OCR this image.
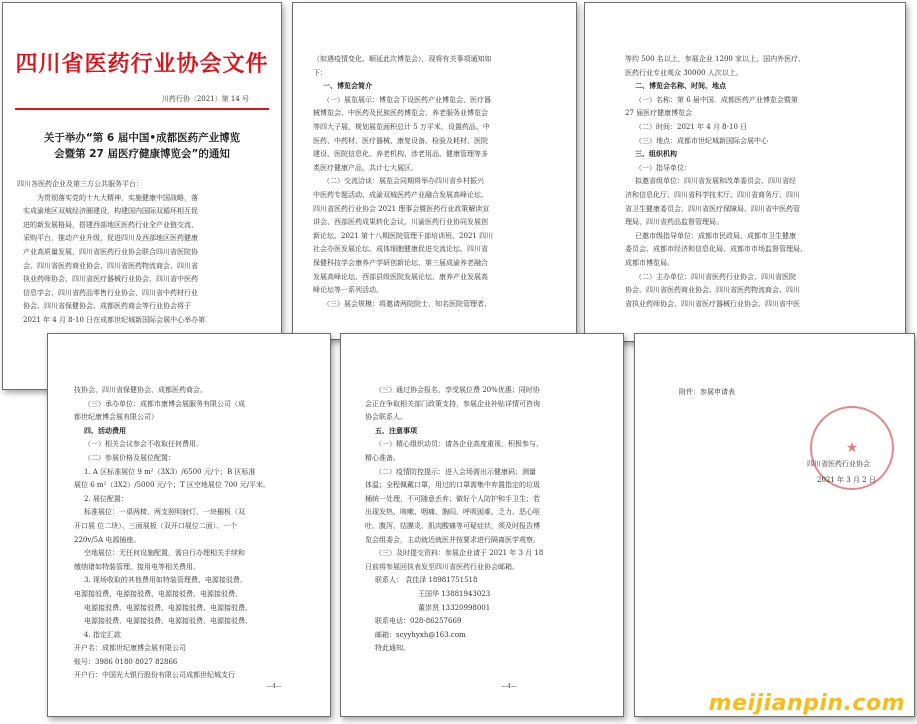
四川省医药行业协会文件
川药行协〔2021〕第 14 号
关于举办“第 6 届中国•成都医药产业博览
会暨第 27 届医疗健康博览会”的通知

四川各医药企业及第三方公共服务平台：

为贯彻落实党的十九大精神，实施健康中国战略，落

实成渝地区双城经济圈建设，构建国内国际双循环相互促

进的新发展格局，搭建西部地区医药行业全产业链交流、

采购平台，推动产业升级，促进四川及西部地区医药健康

产业高质量发展，四川省医药行业协会联合四川省医院协

会、四川省医药商业协会、四川省医药物流商会、四川省

执业药师协会、四川省医疗器械行业协会、四川省中医药

信息学会、四川省药品零售行业协会、四川省中药材行业

协会、四川省保健协会、成都医药商会等行业协会将于

2021 年 4 月 8-10 日在成都世纪城新国际会展中心举办第

（如遇疫情变化，顺延此次博览会），现将有关事项通知如

下：

一、博览会简介

（一）展览展示：博览会下设医药产业博览会、医疗器

械博览会、中医药及民族医药博览会、养老服务业博览会

等四大子展，规划展览面积总计 5 万平米，设置药品、中

医药、中药材、医疗器械、康复设备、检验及耗材、医院

建设、医院信息化、养老机构、涉老用品、健康管理等多

类医疗健康产品，共计七大展区。

（二）交流洽谈：展览会同期将举办四川省乡村振兴

中医药专题活动、成渝双城医药产业融合发展高峰论坛、

四川省医药行业协会 2021 理事会暨医药行业政策解读宣

讲会、西部医药成果转化会议、川渝医药行业协同发展创

新论坛、2021 第十八期医院管理干部培训班、2021 四川

社会办医发展论坛、成体细胞健康促进交流论坛、四川省

保健科技学会康养产学研创新论坛、第三届成渝养老融合

发展高峰论坛、西部县级医院发展论坛、康养产业发展高

峰论坛等一系列活动。

（三）展会规模：将邀请两院院士、知名医院管理者、

等约 500 名以上，参展企业 1200 家以上，国内外医疗、

医药行业专业观众 30000 人次以上。

二、博览会名称、时间、地点

（一）名称：第 6 届中国．成都医药产业博览会暨第

27 届医疗健康博览会

（二）时间：2021 年 4 月 8-10 日

（三）地点：成都市世纪城新国际会展中心

三、组织机构

（一）指导单位：

拟邀省级单位：四川省发展和改革委员会、四川省经

济和信息化厅、四川省科学技术厅、四川省商务厅、四川

省卫生健康委员会、四川省医疗保障局、四川省中医药管

理局、四川省药品监督管理局。

已邀市级指导单位：成都市民政局、成都市卫生健康

委员会、成都市经济和信息化局、成都市市场监督管理局、

成都市博览局。

（二）主办单位：四川省医药行业协会、四川省医院

协会、四川省医药商业协会、四川省医药物流商会、四川

省执业药师协会、四川省医疗器械行业协会、四川省中医

技协会、四川省保健协会、成都医药商会。

（三）承办单位：成都市康博会展服务有限公司（成

都世纪康博会展有限公司）

四、活动费用

（一）相关会议参会不收取任何费用。

（二）参展价格及展位配置：

1. A 区标准展位 9 m²（3X3）/6500 元/个；B 区标准

展位 6 m²（3X2）/5000 元/个；T 区空地展位 700 元/平米。

2. 展位配置：

标准展位：一桌两椅、两支照明射灯、一块楣板（双

开口展 位二块）、三面展板（双开口展位二面）、一个

220v/5A 电源插座。

空地展位：无任何设施配置，需自行办理相关手续和

缴纳诸如特装管理、接用电等相关费用。

3. 现场收取的其他费用如特装管理费、电源接驳费、

电源接驳费、电源接驳费、电源接驳费、电源接驳费、

电源接驳费、电源接驳费、电源接驳费、电源接驳费、

电源接驳费、电源接驳费、电源接驳费、电源接驳费、

4. 指定汇款

开户名：成都世纪康博会展有限公司

账号：3986 0180 8027 82866

开户行：中国光大银行股份有限公司成都世纪城支行

—4—

（三）通过协会报名，享受展位费 20%优惠；同时协

会正在争取相关部门政策支持，参展企业补贴详情可咨询

协会联系人。

五、注意事项

（一）精心组织动员：请各企业高度重视，积极参与、

精心准备。

（二）疫情防控提示：进入会场需出示健康码；测量

体温；全程佩戴口罩，用过的口罩需集中弃置指定的垃圾

桶统一处理，不可随意丢弃；做好个人防护和手卫生；若

出现发热、咳嗽、咽痛、胸闷、呼吸困难、乏力、恶心呕

吐、腹泻、结膜炎、肌肉酸痛等可疑症状，须及时报告博

览会组委会，主动就近就医并按要求进行隔离医学观察。

（三）及时提交资料：参展企业请于 2021 年 3 月 18

日前将参展回执表发至四川省医药行业协会邮箱。

联系人： 袁佳泽 18981751518

王国华 13881943023

董崇贤 13320998001

联系电话：028-86257669

邮箱：scyyhyxh@163.com

特此通知。

—4—

附件：参展申请表

★

四川省医药行业协会

2021 年 3 月 2 日

meijianpin.com
